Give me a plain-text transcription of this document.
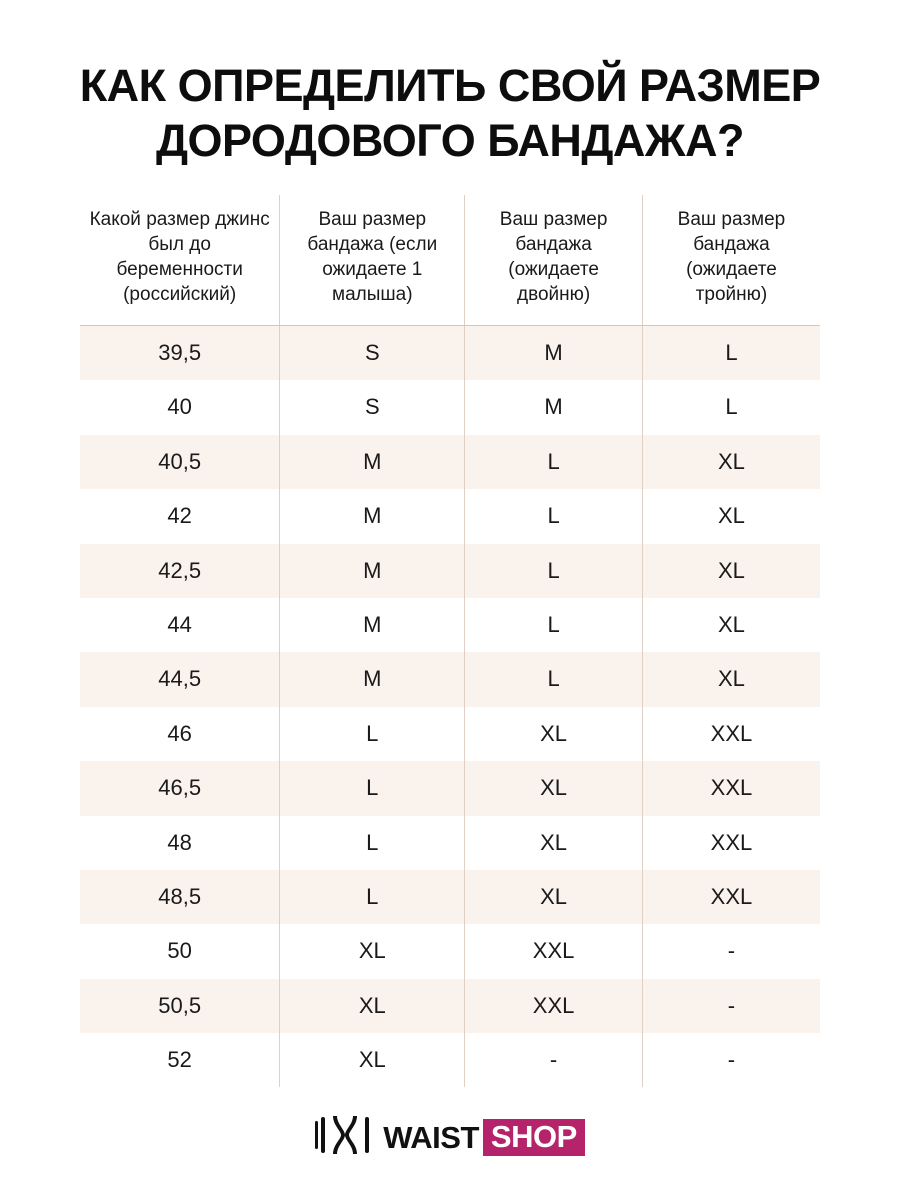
КАК ОПРЕДЕЛИТЬ СВОЙ РАЗМЕР ДОРОДОВОГО БАНДАЖА?
Какой размер джинс был до беременности (российский)	Ваш размер бандажа (если ожидаете 1 малыша)	Ваш размер бандажа (ожидаете двойню)	Ваш размер бандажа (ожидаете тройню)
39,5	S	M	L
40	S	M	L
40,5	M	L	XL
42	M	L	XL
42,5	M	L	XL
44	M	L	XL
44,5	M	L	XL
46	L	XL	XXL
46,5	L	XL	XXL
48	L	XL	XXL
48,5	L	XL	XXL
50	XL	XXL	-
50,5	XL	XXL	-
52	XL	-	-
WAIST SHOP
